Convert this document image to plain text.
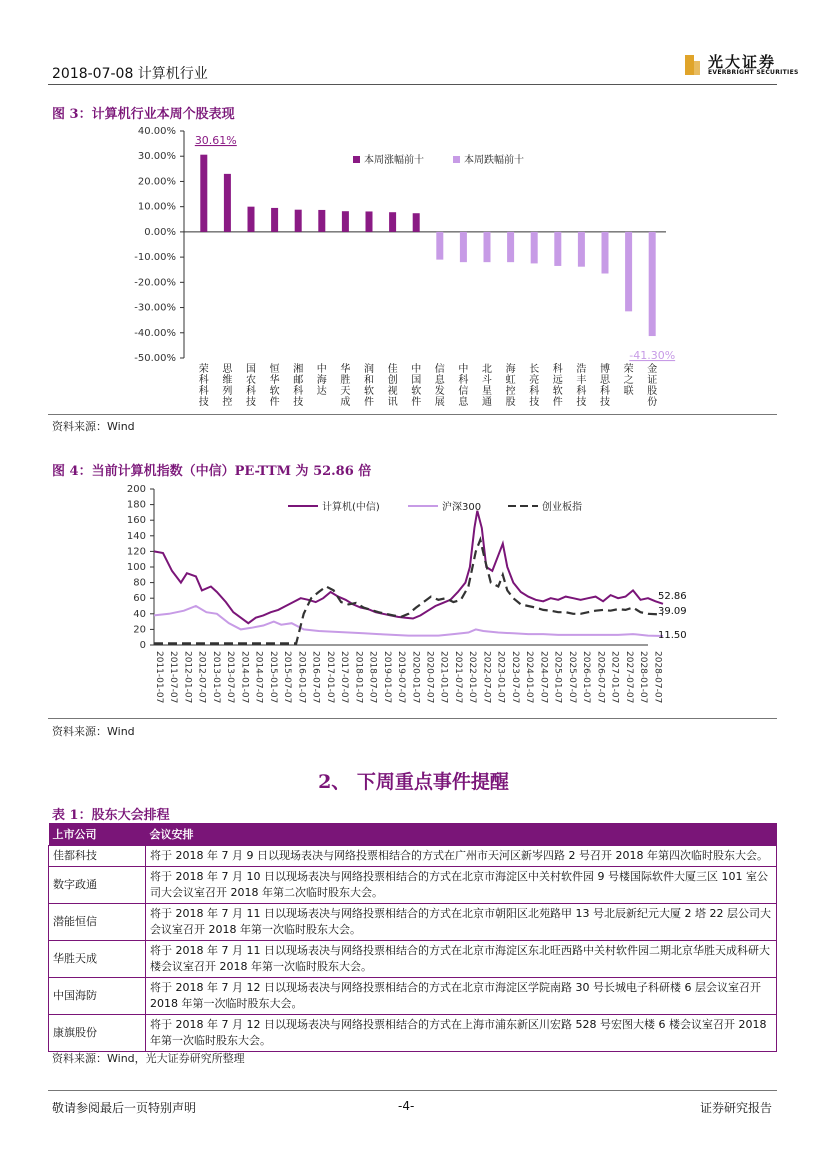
2018-07-08 计算机行业
光大证券
EVERBRIGHT SECURITIES
图 3：计算机行业本周个股表现
40.00%
30.00%
20.00%
10.00%
0.00%
-10.00%
-20.00%
-30.00%
-40.00%
-50.00%
荣科科技
思维列控
国农科技
恒华软件
湘邮科技
中海达
华胜天成
润和软件
佳创视讯
中国软件
信息发展
中科信息
北斗星通
海虹控股
长亮科技
科远软件
浩丰科技
博思科技
荣之联
金证股份
30.61%
-41.30%
本周涨幅前十	本周跌幅前十
资料来源：Wind
图 4：当前计算机指数（中信）PE-TTM 为 52.86 倍
200
180
160
140
120
100
80
60
40
20
0
2011-01-07 2011-07-07 2012-01-07 2012-07-07 2013-01-07 2013-07-07 2014-01-07 2014-07-07 2015-01-07 2015-07-07 2016-01-07 2016-07-07 2017-01-07 2017-07-07 2018-01-07 2018-07-07 2019-01-07 2019-07-07 2020-01-07 2020-07-07 2021-01-07 2021-07-07 2022-01-07 2022-07-07 2023-01-07 2023-07-07 2024-01-07 2024-07-07 2025-01-07 2025-07-07 2026-01-07 2026-07-07 2027-01-07 2027-07-07 2028-01-07 2028-07-07
52.86
39.09
11.50
计算机(中信)	沪深300	创业板指
资料来源：Wind
2、 下周重点事件提醒
表 1：股东大会排程
上市公司	会议安排
佳都科技	将于 2018 年 7 月 9 日以现场表决与网络投票相结合的方式在广州市天河区新岑四路 2 号召开 2018 年第四次临时股东大会。
数字政通	将于 2018 年 7 月 10 日以现场表决与网络投票相结合的方式在北京市海淀区中关村软件园 9 号楼国际软件大厦三区 101 室公司大会议室召开 2018 年第二次临时股东大会。
潜能恒信	将于 2018 年 7 月 11 日以现场表决与网络投票相结合的方式在北京市朝阳区北苑路甲 13 号北辰新纪元大厦 2 塔 22 层公司大会议室召开 2018 年第一次临时股东大会。
华胜天成	将于 2018 年 7 月 11 日以现场表决与网络投票相结合的方式在北京市海淀区东北旺西路中关村软件园二期北京华胜天成科研大楼会议室召开 2018 年第一次临时股东大会。
中国海防	将于 2018 年 7 月 12 日以现场表决与网络投票相结合的方式在北京市海淀区学院南路 30 号长城电子科研楼 6 层会议室召开 2018 年第一次临时股东大会。
康旗股份	将于 2018 年 7 月 12 日以现场表决与网络投票相结合的方式在上海市浦东新区川宏路 528 号宏图大楼 6 楼会议室召开 2018 年第一次临时股东大会。
资料来源：Wind，光大证券研究所整理
敬请参阅最后一页特别声明	-4-	证券研究报告
